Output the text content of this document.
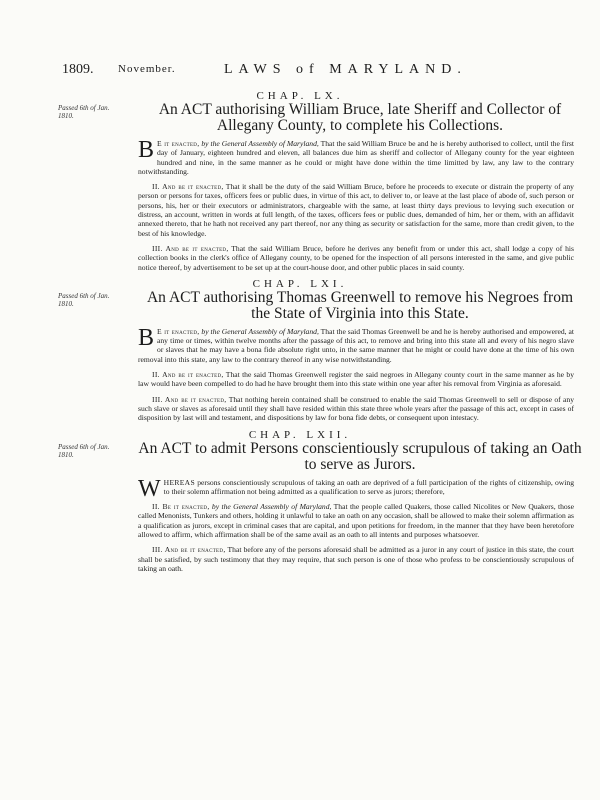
1809. November.	LAWS of MARYLAND.

CHAP. LX.

Passed 6th of Jan. 1810.	An ACT authorising William Bruce, late Sheriff and Collector of Allegany County, to complete his Collections.

B E it enacted, by the General Assembly of Maryland, That the said William Bruce be and he is hereby authorised to collect, until the first day of January, eighteen hundred and eleven, all balances due him as sheriff and collector of Allegany county for the year eighteen hundred and nine, in the same manner as he could or might have done within the time limitted by law, any law to the contrary notwithstanding.

II. And be it enacted, That it shall be the duty of the said William Bruce, before he proceeds to execute or distrain the property of any person or persons for taxes, officers fees or public dues, in virtue of this act, to deliver to, or leave at the last place of abode of, such person or persons, his, her or their executors or administrators, chargeable with the same, at least thirty days previous to levying such execution or distress, an account, written in words at full length, of the taxes, officers fees or public dues, demanded of him, her or them, with an affidavit annexed thereto, that he hath not received any part thereof, nor any thing as security or satisfaction for the same, more than credit given, to the best of his knowledge.

III. And be it enacted, That the said William Bruce, before he derives any benefit from or under this act, shall lodge a copy of his collection books in the clerk's office of Allegany county, to be opened for the inspection of all persons interested in the same, and give public notice thereof, by advertisement to be set up at the court-house door, and other public places in said county.

CHAP. LXI.

Passed 6th of Jan. 1810.	An ACT authorising Thomas Greenwell to remove his Negroes from the State of Virginia into this State.

B E it enacted, by the General Assembly of Maryland, That the said Thomas Greenwell be and he is hereby authorised and empowered, at any time or times, within twelve months after the passage of this act, to remove and bring into this state all and every of his negro slave or slaves that he may have a bona fide absolute right unto, in the same manner that he might or could have done at the time of his own removal into this state, any law to the contrary thereof in any wise notwithstanding.

II. And be it enacted, That the said Thomas Greenwell register the said negroes in Allegany county court in the same manner as he by law would have been compelled to do had he have brought them into this state within one year after his removal from Virginia as aforesaid.

III. And be it enacted, That nothing herein contained shall be construed to enable the said Thomas Greenwell to sell or dispose of any such slave or slaves as aforesaid until they shall have resided within this state three whole years after the passage of this act, except in cases of disposition by last will and testament, and dispositions by law for bona fide debts, or consequent upon intestacy.

CHAP. LXII.

Passed 6th of Jan. 1810.	An ACT to admit Persons conscientiously scrupulous of taking an Oath to serve as Jurors.

WHEREAS persons conscientiously scrupulous of taking an oath are deprived of a full participation of the rights of citizenship, owing to their solemn affirmation not being admitted as a qualification to serve as jurors; therefore,

II. Be it enacted, by the General Assembly of Maryland, That the people called Quakers, those called Nicolites or New Quakers, those called Menonists, Tunkers and others, holding it unlawful to take an oath on any occasion, shall be allowed to make their solemn affirmation as a qualification as jurors, except in criminal cases that are capital, and upon petitions for freedom, in the manner that they have been heretofore allowed to affirm, which affirmation shall be of the same avail as an oath to all intents and purposes whatsoever.

III. And be it enacted, That before any of the persons aforesaid shall be admitted as a juror in any court of justice in this state, the court shall be satisfied, by such testimony that they may require, that such person is one of those who profess to be conscientiously scrupulous of taking an oath.
